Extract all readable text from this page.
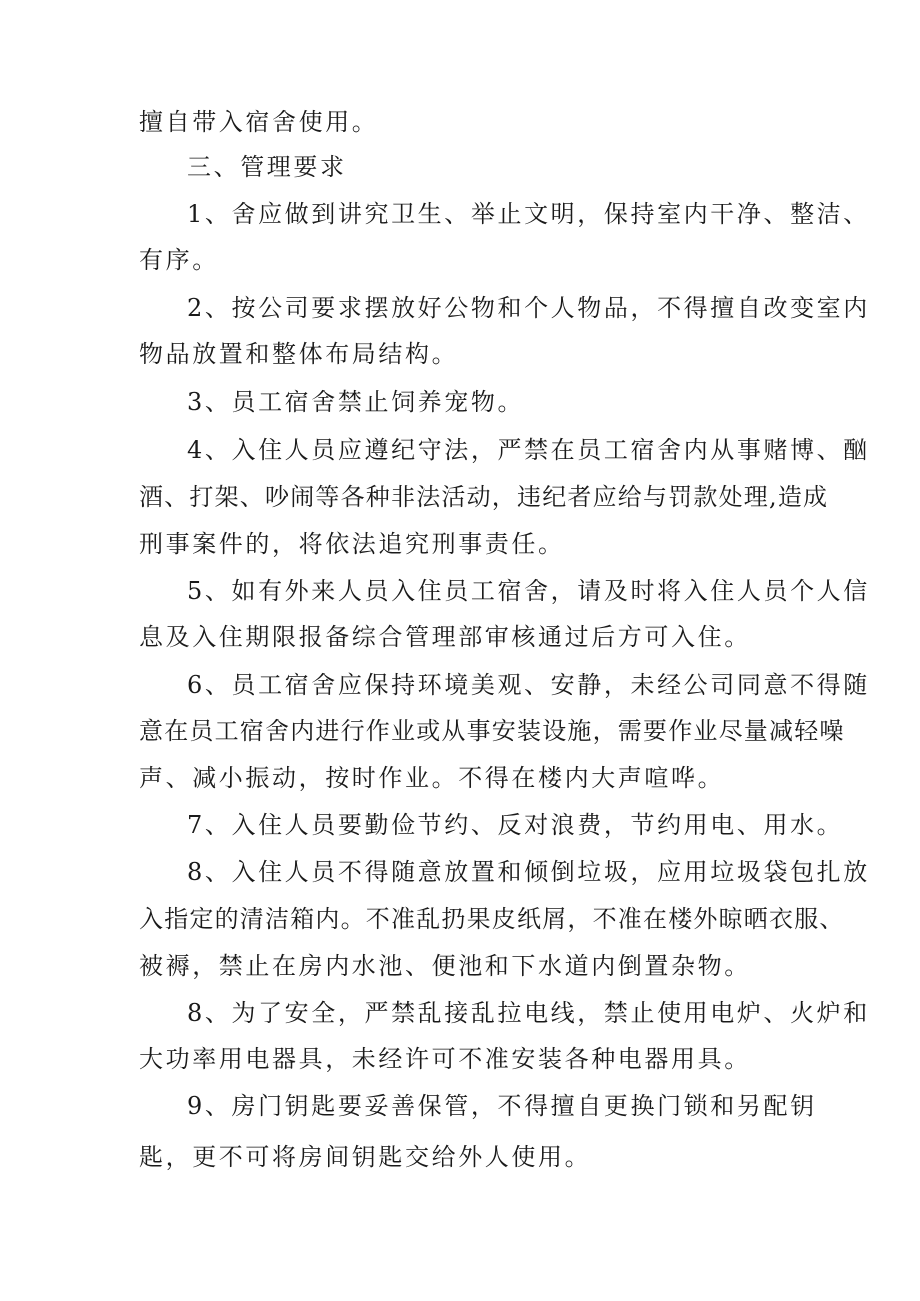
擅自带入宿舍使用。
三、管理要求
1、舍应做到讲究卫生、举止文明，保持室内干净、整洁、
有序。
2、按公司要求摆放好公物和个人物品，不得擅自改变室内
物品放置和整体布局结构。
3、员工宿舍禁止饲养宠物。
4、入住人员应遵纪守法，严禁在员工宿舍内从事赌博、酗
酒、打架、吵闹等各种非法活动，违纪者应给与罚款处理,造成
刑事案件的，将依法追究刑事责任。
5、如有外来人员入住员工宿舍，请及时将入住人员个人信
息及入住期限报备综合管理部审核通过后方可入住。
6、员工宿舍应保持环境美观、安静，未经公司同意不得随
意在员工宿舍内进行作业或从事安装设施，需要作业尽量减轻噪
声、减小振动，按时作业。不得在楼内大声喧哗。
7、入住人员要勤俭节约、反对浪费，节约用电、用水。
8、入住人员不得随意放置和倾倒垃圾，应用垃圾袋包扎放
入指定的清洁箱内。不准乱扔果皮纸屑，不准在楼外晾晒衣服、
被褥，禁止在房内水池、便池和下水道内倒置杂物。
8、为了安全，严禁乱接乱拉电线，禁止使用电炉、火炉和
大功率用电器具，未经许可不准安装各种电器用具。
9、房门钥匙要妥善保管，不得擅自更换门锁和另配钥
匙，更不可将房间钥匙交给外人使用。
